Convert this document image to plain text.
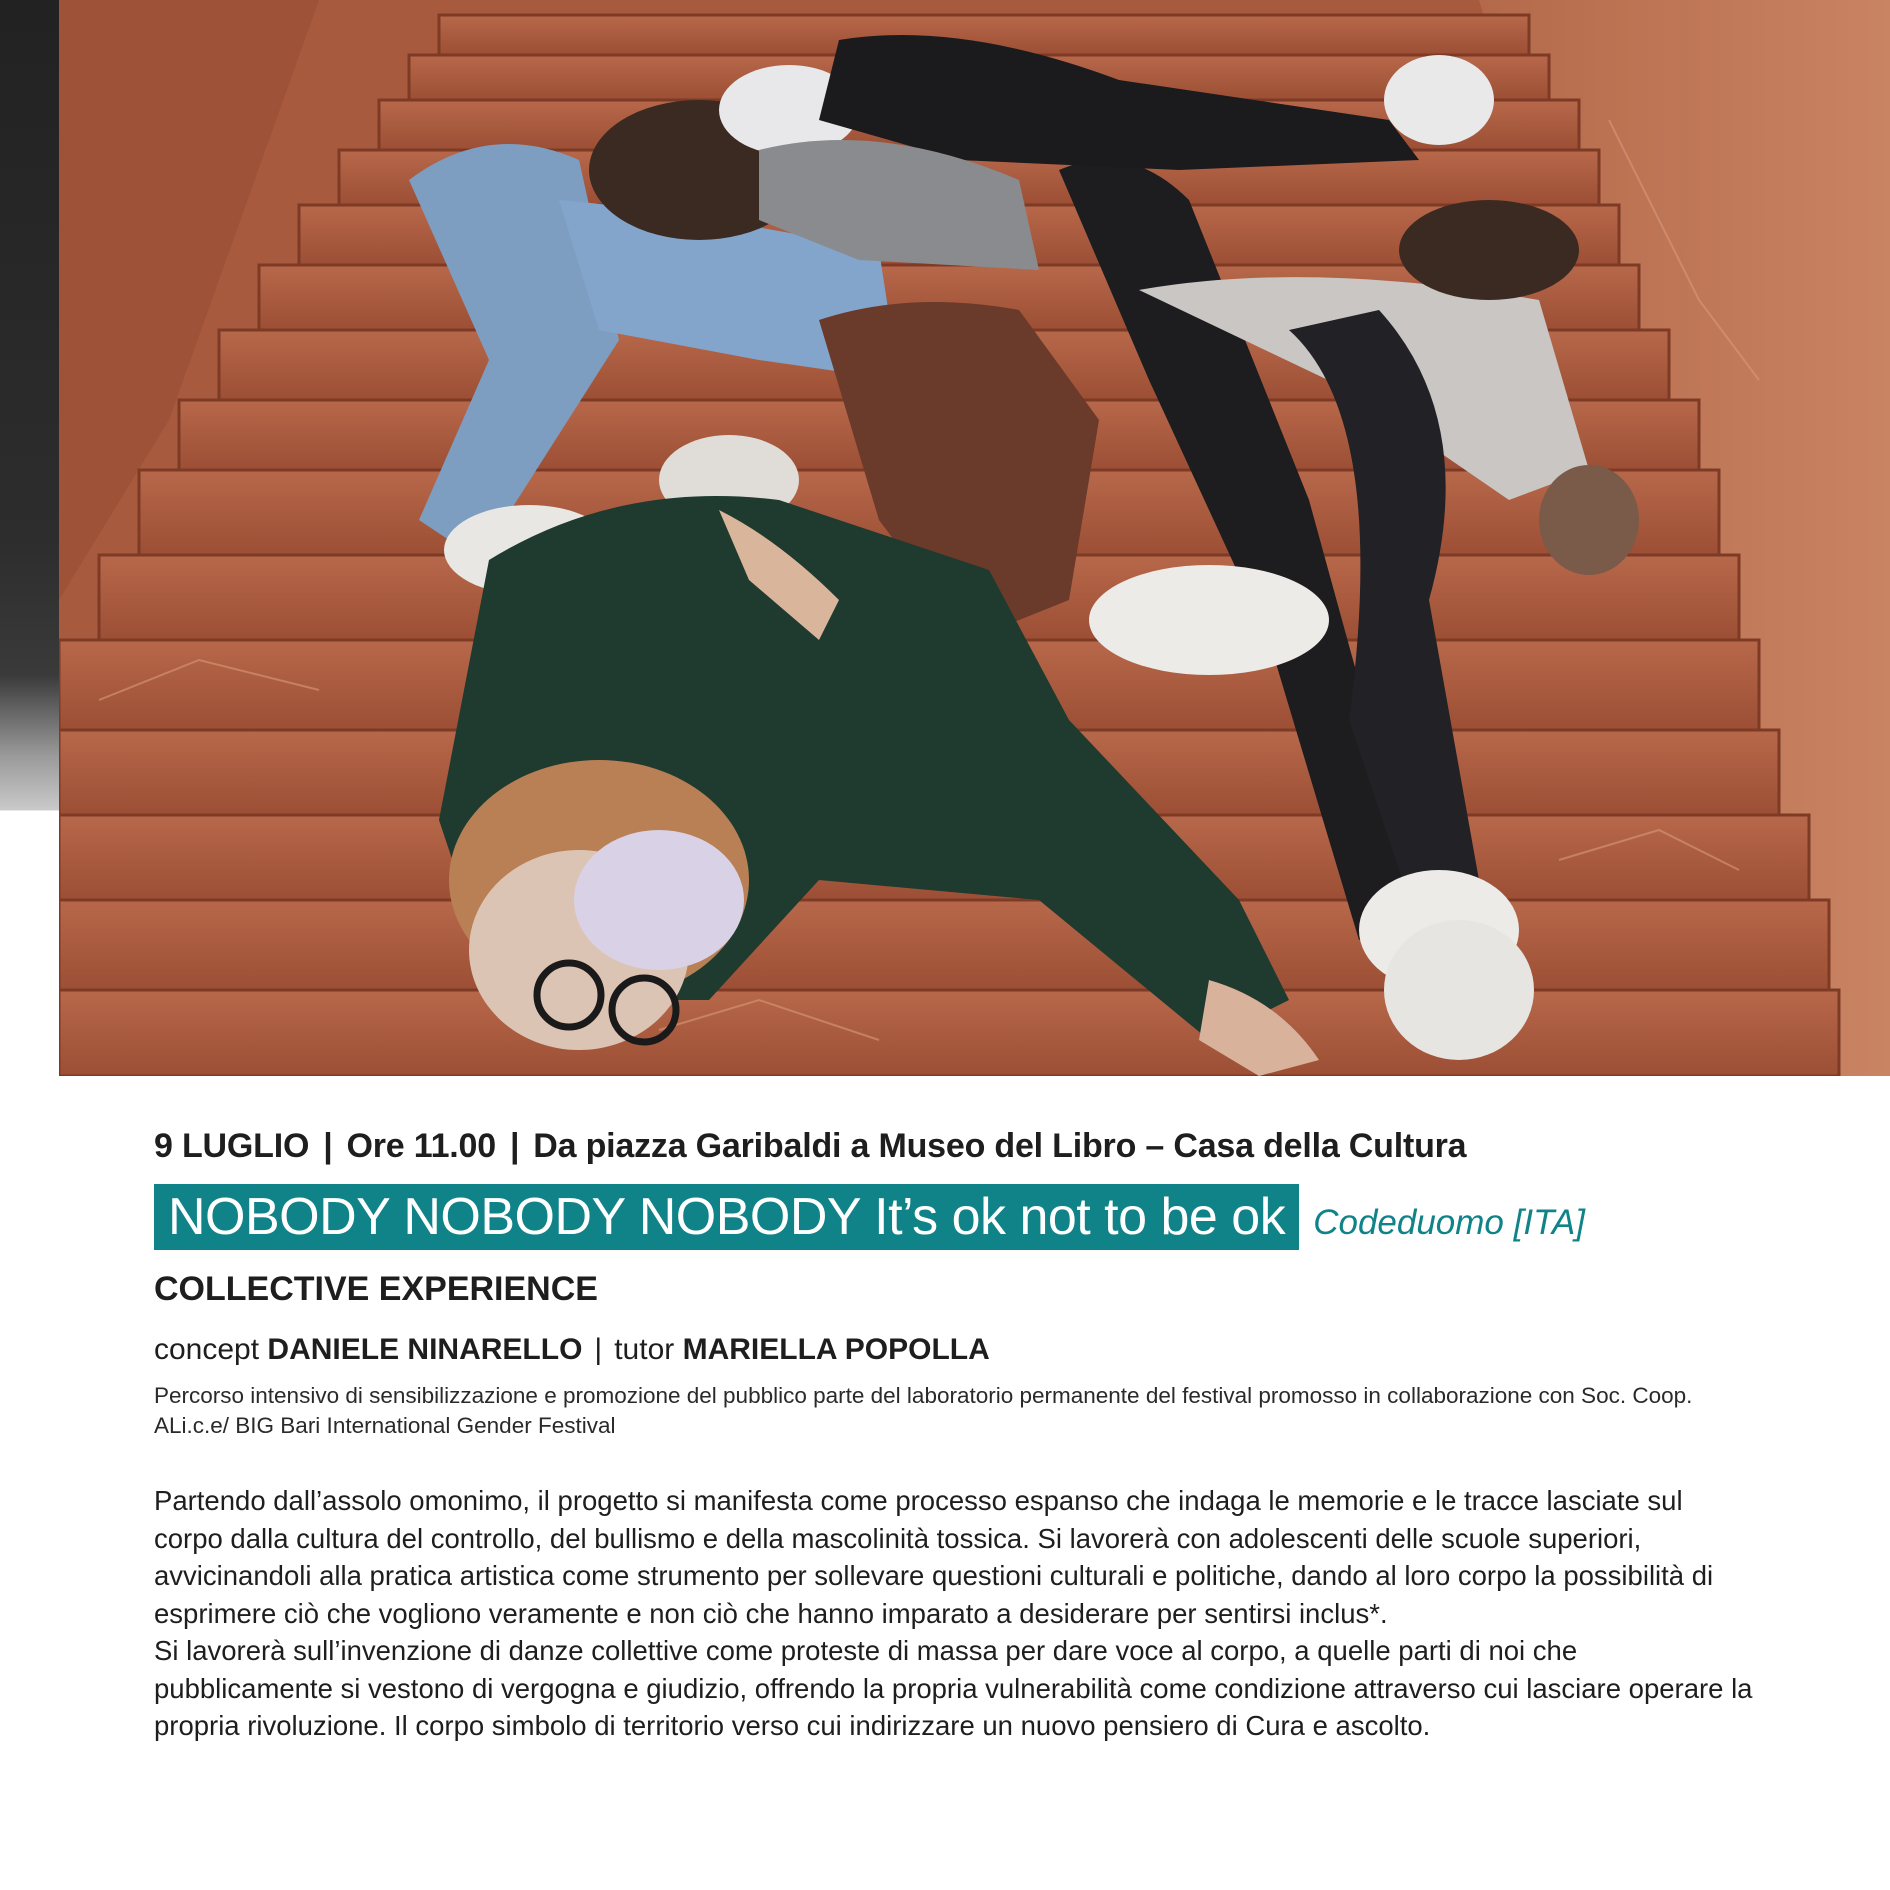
9 LUGLIO | Ore 11.00 | Da piazza Garibaldi a Museo del Libro – Casa della Cultura
NOBODY NOBODY NOBODY It’s ok not to be ok Codeduomo [ITA]
COLLECTIVE EXPERIENCE
concept DANIELE NINARELLO | tutor MARIELLA POPOLLA
Percorso intensivo di sensibilizzazione e promozione del pubblico parte del laboratorio permanente del festival promosso in collaborazione con Soc. Coop. ALi.c.e/ BIG Bari International Gender Festival

Partendo dall’assolo omonimo, il progetto si manifesta come processo espanso che indaga le memorie e le tracce lasciate sul corpo dalla cultura del controllo, del bullismo e della mascolinità tossica. Si lavorerà con adolescenti delle scuole superiori, avvicinandoli alla pratica artistica come strumento per sollevare questioni culturali e politiche, dando al loro corpo la possibilità di esprimere ciò che vogliono veramente e non ciò che hanno imparato a desiderare per sentirsi inclus*.

Si lavorerà sull’invenzione di danze collettive come proteste di massa per dare voce al corpo, a quelle parti di noi che pubblicamente si vestono di vergogna e giudizio, offrendo la propria vulnerabilità come condizione attraverso cui lasciare operare la propria rivoluzione. Il corpo simbolo di territorio verso cui indirizzare un nuovo pensiero di Cura e ascolto.
